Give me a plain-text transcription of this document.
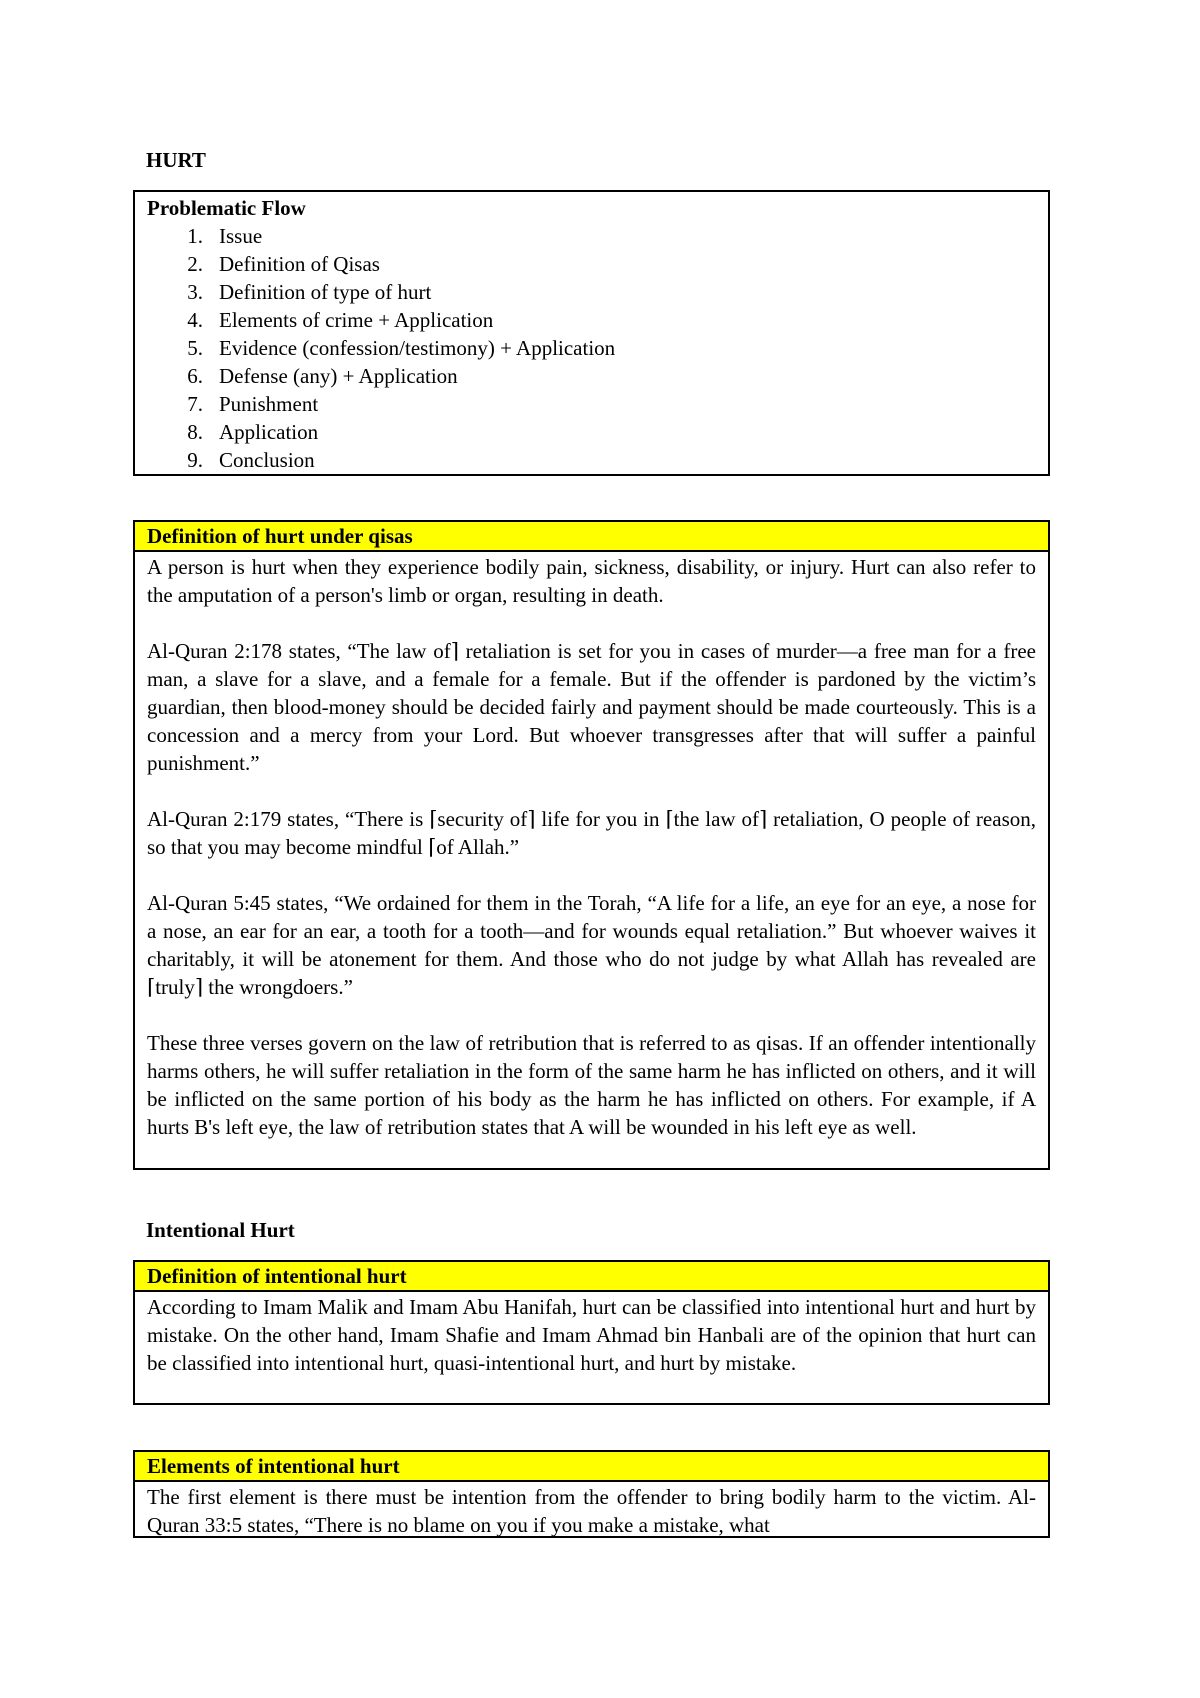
HURT
Problematic Flow
1. Issue
2. Definition of Qisas
3. Definition of type of hurt
4. Elements of crime + Application
5. Evidence (confession/testimony) + Application
6. Defense (any) + Application
7. Punishment
8. Application
9. Conclusion
Definition of hurt under qisas

A person is hurt when they experience bodily pain, sickness, disability, or injury. Hurt can also refer to the amputation of a person's limb or organ, resulting in death.

Al-Quran 2:178 states, “The law of⌉ retaliation is set for you in cases of murder—a free man for a free man, a slave for a slave, and a female for a female. But if the offender is pardoned by the victim’s guardian, then blood-money should be decided fairly and payment should be made courteously. This is a concession and a mercy from your Lord. But whoever transgresses after that will suffer a painful punishment.”

Al-Quran 2:179 states, “There is ⌈security of⌉ life for you in ⌈the law of⌉ retaliation, O people of reason, so that you may become mindful ⌈of Allah.”

Al-Quran 5:45 states, “We ordained for them in the Torah, “A life for a life, an eye for an eye, a nose for a nose, an ear for an ear, a tooth for a tooth—and for wounds equal retaliation.” But whoever waives it charitably, it will be atonement for them. And those who do not judge by what Allah has revealed are ⌈truly⌉ the wrongdoers.”

These three verses govern on the law of retribution that is referred to as qisas. If an offender intentionally harms others, he will suffer retaliation in the form of the same harm he has inflicted on others, and it will be inflicted on the same portion of his body as the harm he has inflicted on others. For example, if A hurts B's left eye, the law of retribution states that A will be wounded in his left eye as well.

Intentional Hurt
Definition of intentional hurt

According to Imam Malik and Imam Abu Hanifah, hurt can be classified into intentional hurt and hurt by mistake. On the other hand, Imam Shafie and Imam Ahmad bin Hanbali are of the opinion that hurt can be classified into intentional hurt, quasi-intentional hurt, and hurt by mistake.

Elements of intentional hurt

The first element is there must be intention from the offender to bring bodily harm to the victim. Al-Quran 33:5 states, “There is no blame on you if you make a mistake, what
